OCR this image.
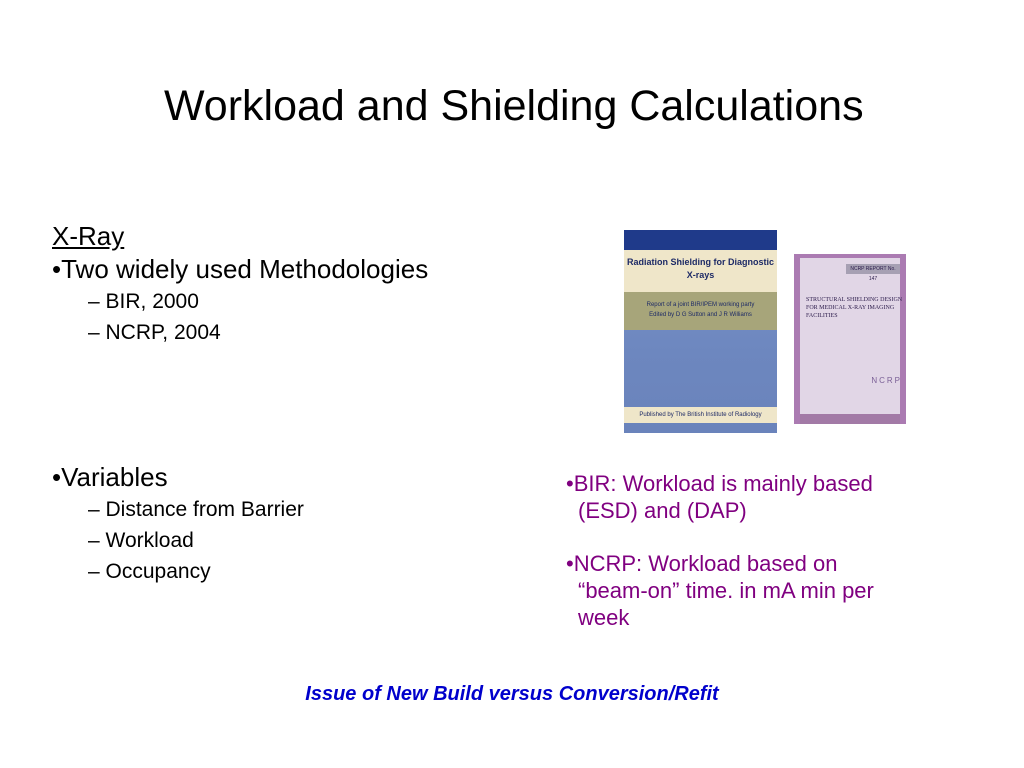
Workload and Shielding Calculations
X-Ray
•Two widely used Methodologies
– BIR, 2000
– NCRP, 2004
•Variables
– Distance from Barrier
– Workload
– Occupancy
Radiation Shielding for Diagnostic X-rays
Report of a joint BIR/IPEM working party
Edited by D G Sutton and J R Williams
Published by The British Institute of Radiology
NCRP REPORT No. 147
STRUCTURAL SHIELDING DESIGN FOR MEDICAL X-RAY IMAGING FACILITIES
NCRP
•BIR: Workload is mainly based
(ESD) and (DAP)
•NCRP: Workload based on
“beam-on” time. in mA min per
week
Issue of New Build versus Conversion/Refit
